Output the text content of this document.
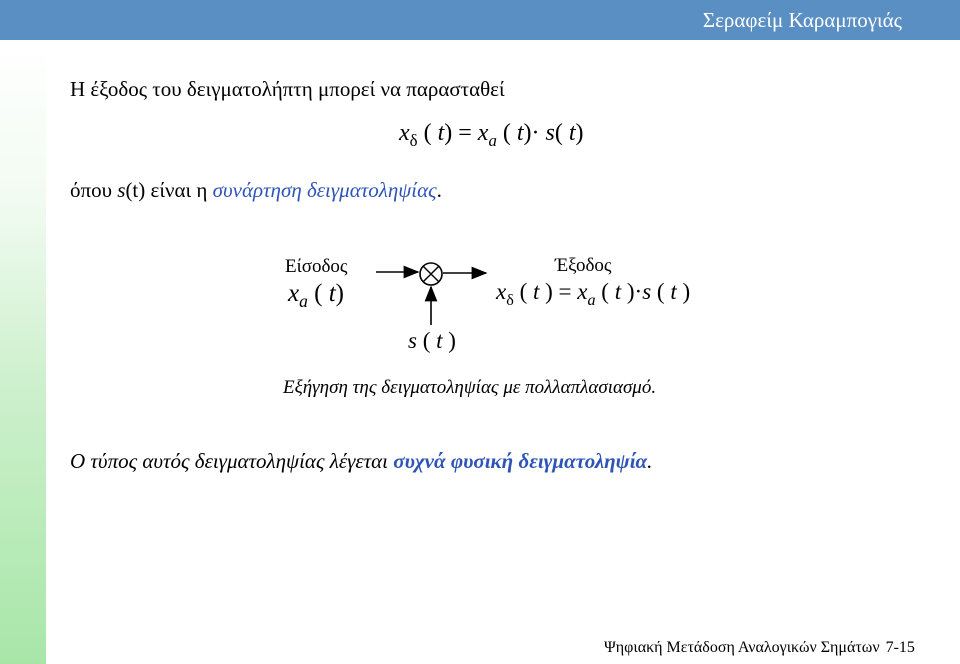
Σεραφείμ Καραμπογιάς
Η έξοδος του δειγματολήπτη μπορεί να παρασταθεί
$x_\delta$ ( $t) = x_a$ ( t)· s( t)
όπου s(t) είναι η συνάρτηση δειγματοληψίας.
Είσοδος	Έξοδος
$x_a$ ( t)	$x_\delta$ ( t ) = $x_a$ ( t )·s ( t )
s ( t )
Εξήγηση της δειγματοληψίας με πολλαπλασιασμό.
Ο τύπος αυτός δειγματοληψίας λέγεται συχνά φυσική δειγματοληψία.
Ψηφιακή Μετάδοση Αναλογικών Σημάτων 7-15
